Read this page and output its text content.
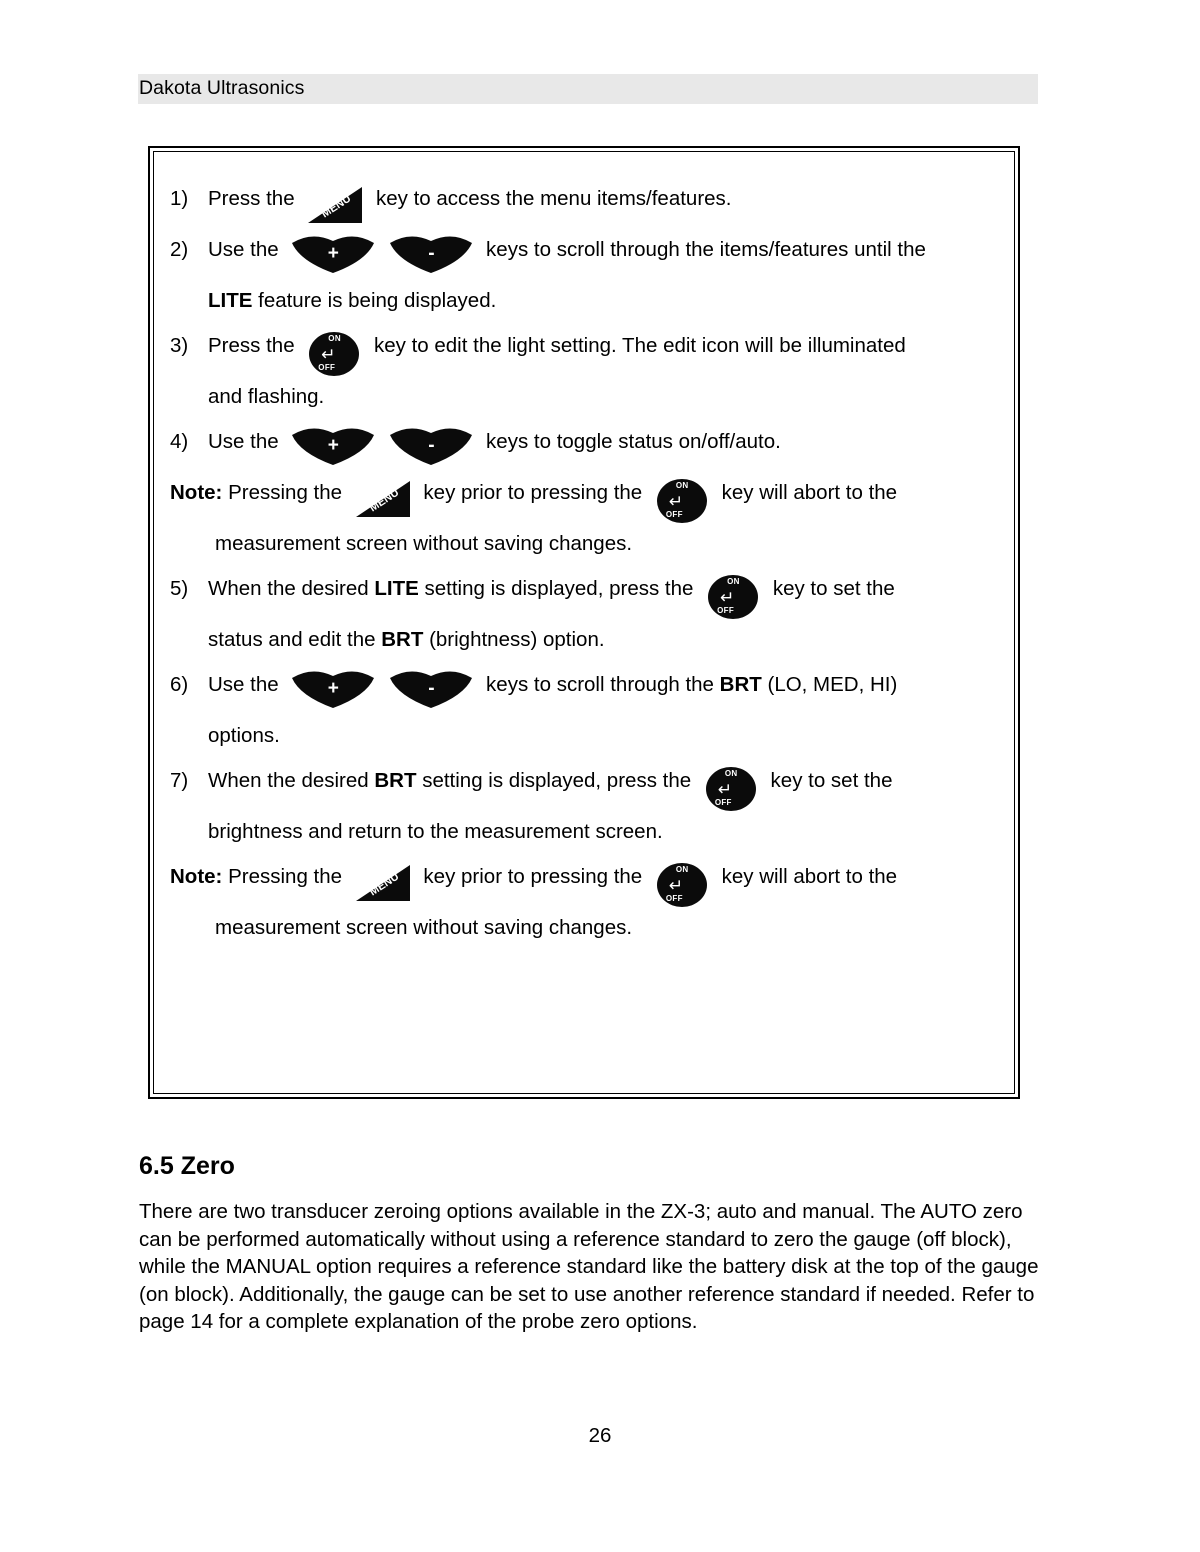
Dakota Ultrasonics
1) Press the MENU key to access the menu items/features.
2) Use the	+	-	keys to scroll through the items/features until the
LITE feature is being displayed.
3) Press the	ON
↵
OFF
key to edit the light setting. The edit icon will be illuminated
and flashing.
4) Use the	+	-	keys to toggle status on/off/auto.
Note: Pressing the MENU key prior to pressing the	ON
↵
OFF
key will abort to the
measurement screen without saving changes.
5) When the desired LITE setting is displayed, press the	ON
↵
OFF
key to set the
status and edit the BRT (brightness) option.
6) Use the	+	-	keys to scroll through the BRT (LO, MED, HI)
options.
7) When the desired BRT setting is displayed, press the	ON
↵
OFF
key to set the
brightness and return to the measurement screen.
Note: Pressing the MENU key prior to pressing the	ON
↵
OFF
key will abort to the
measurement screen without saving changes.
6.5 Zero
There are two transducer zeroing options available in the ZX-3; auto and manual. The AUTO zero can be performed automatically without using a reference standard to zero the gauge (off block), while the MANUAL option requires a reference standard like the battery disk at the top of the gauge (on block). Additionally, the gauge can be set to use another reference standard if needed. Refer to page 14 for a complete explanation of the probe zero options.
26
